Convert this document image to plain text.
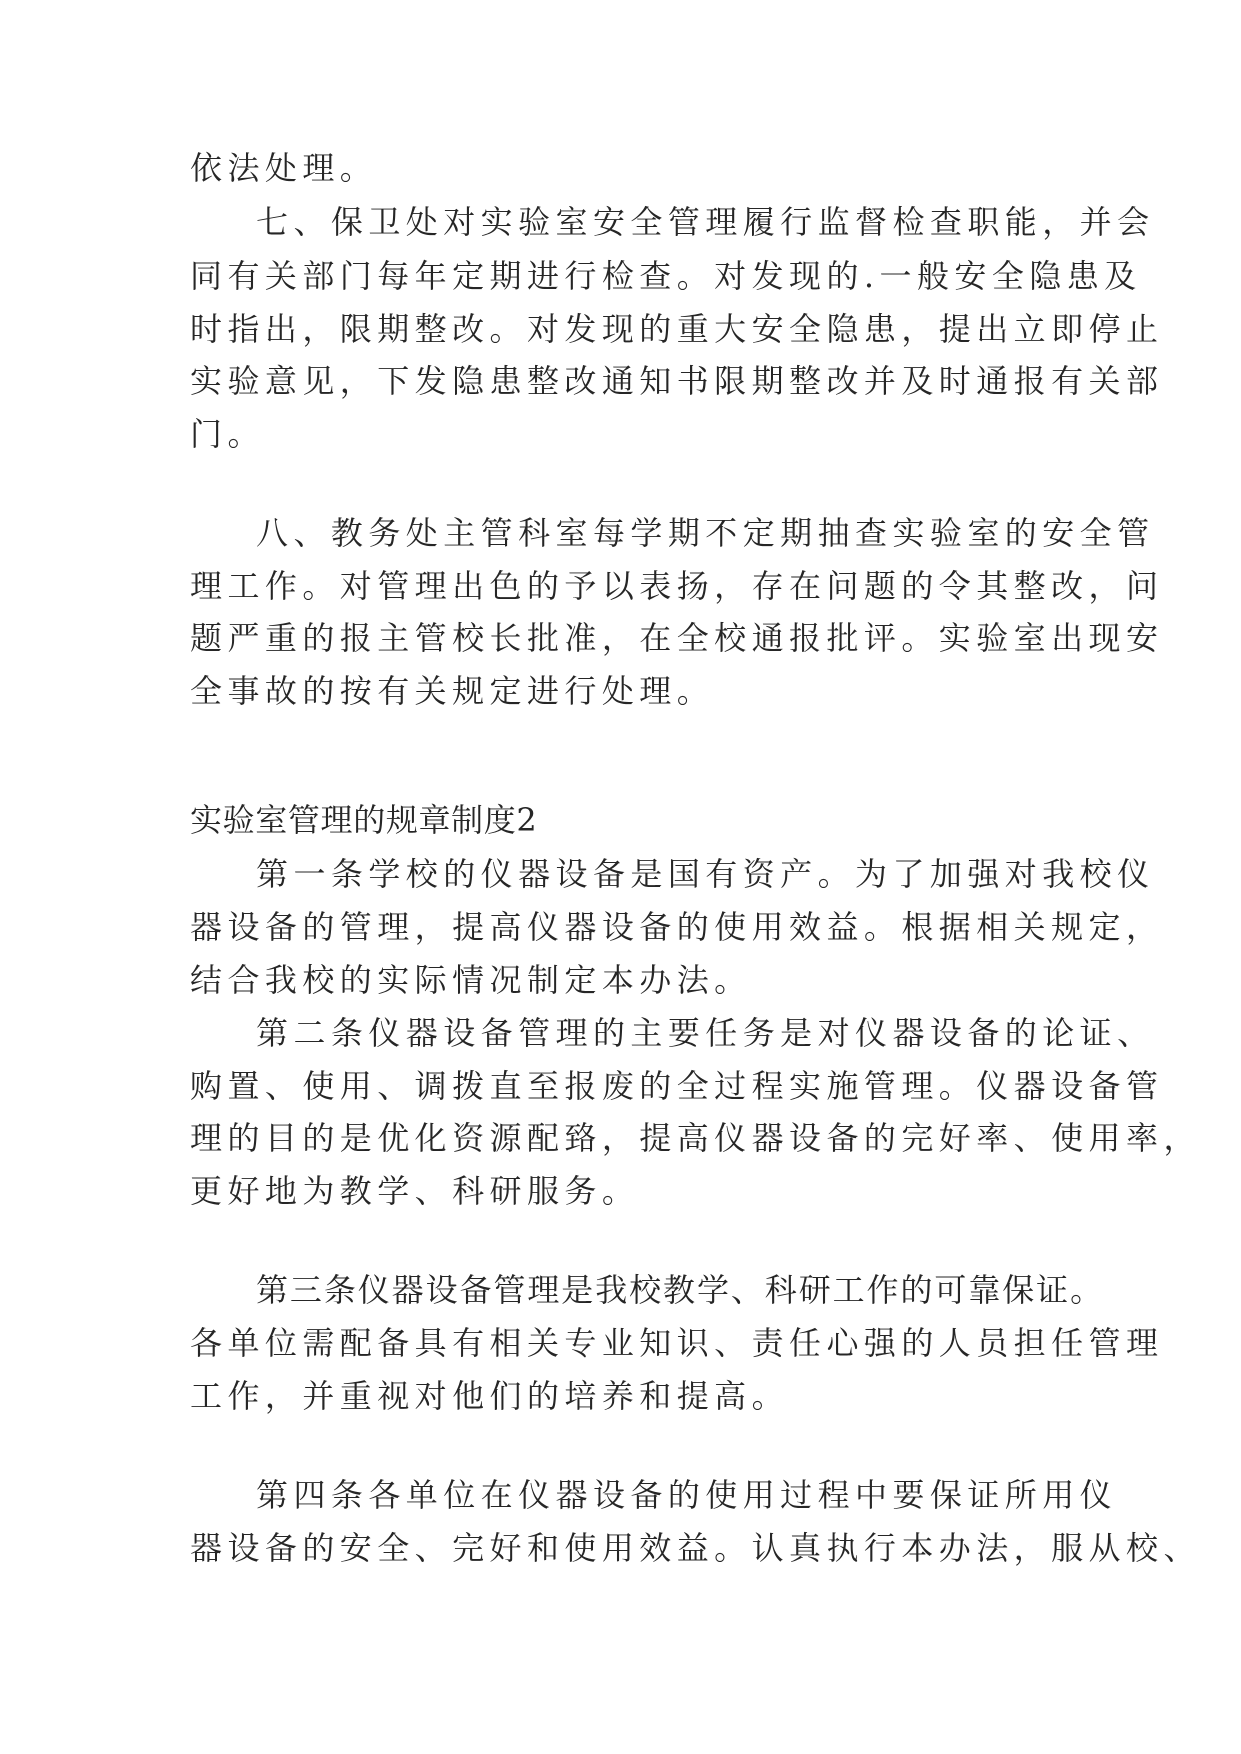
依法处理。
七、保卫处对实验室安全管理履行监督检查职能，并会
同有关部门每年定期进行检查。对发现的.一般安全隐患及
时指出，限期整改。对发现的重大安全隐患，提出立即停止
实验意见，下发隐患整改通知书限期整改并及时通报有关部
门。
八、教务处主管科室每学期不定期抽查实验室的安全管
理工作。对管理出色的予以表扬，存在问题的令其整改，问
题严重的报主管校长批准，在全校通报批评。实验室出现安
全事故的按有关规定进行处理。
实验室管理的规章制度2
第一条学校的仪器设备是国有资产。为了加强对我校仪
器设备的管理，提高仪器设备的使用效益。根据相关规定，
结合我校的实际情况制定本办法。
第二条仪器设备管理的主要任务是对仪器设备的论证、
购置、使用、调拨直至报废的全过程实施管理。仪器设备管
理的目的是优化资源配臵，提高仪器设备的完好率、使用率，
更好地为教学、科研服务。
第三条仪器设备管理是我校教学、科研工作的可靠保证。
各单位需配备具有相关专业知识、责任心强的人员担任管理
工作，并重视对他们的培养和提高。
第四条各单位在仪器设备的使用过程中要保证所用仪
器设备的安全、完好和使用效益。认真执行本办法，服从校、
